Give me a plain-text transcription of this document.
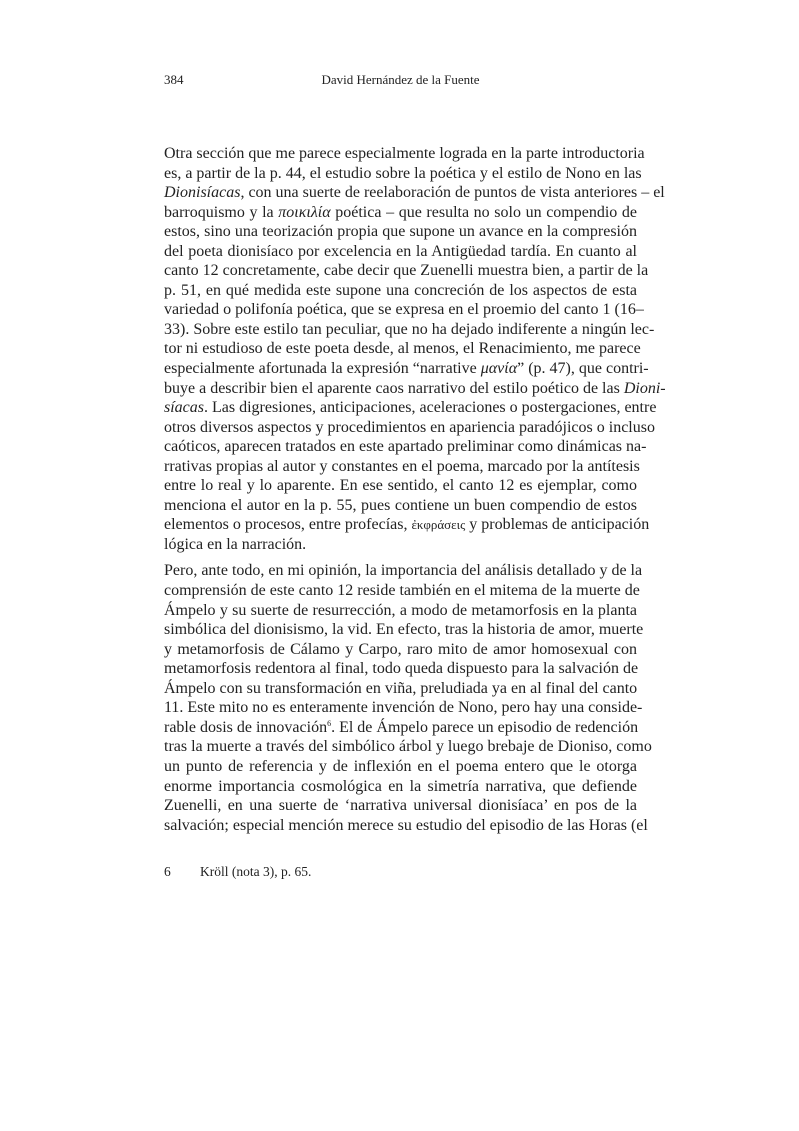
384	David Hernández de la Fuente
Otra sección que me parece especialmente lograda en la parte introductoria
es, a partir de la p. 44, el estudio sobre la poética y el estilo de Nono en las
Dionisíacas, con una suerte de reelaboración de puntos de vista anteriores – el
barroquismo y la ποικιλία poética – que resulta no solo un compendio de
estos, sino una teorización propia que supone un avance en la compresión
del poeta dionisíaco por excelencia en la Antigüedad tardía. En cuanto al
canto 12 concretamente, cabe decir que Zuenelli muestra bien, a partir de la
p. 51, en qué medida este supone una concreción de los aspectos de esta
variedad o polifonía poética, que se expresa en el proemio del canto 1 (16–
33). Sobre este estilo tan peculiar, que no ha dejado indiferente a ningún lec-
tor ni estudioso de este poeta desde, al menos, el Renacimiento, me parece
especialmente afortunada la expresión “narrative μανία” (p. 47), que contri-
buye a describir bien el aparente caos narrativo del estilo poético de las Dioni-
síacas. Las digresiones, anticipaciones, aceleraciones o postergaciones, entre
otros diversos aspectos y procedimientos en apariencia paradójicos o incluso
caóticos, aparecen tratados en este apartado preliminar como dinámicas na-
rrativas propias al autor y constantes en el poema, marcado por la antítesis
entre lo real y lo aparente. En ese sentido, el canto 12 es ejemplar, como
menciona el autor en la p. 55, pues contiene un buen compendio de estos
elementos o procesos, entre profecías, ἐκφράσεις y problemas de anticipación
lógica en la narración.
Pero, ante todo, en mi opinión, la importancia del análisis detallado y de la
comprensión de este canto 12 reside también en el mitema de la muerte de
Ámpelo y su suerte de resurrección, a modo de metamorfosis en la planta
simbólica del dionisismo, la vid. En efecto, tras la historia de amor, muerte
y metamorfosis de Cálamo y Carpo, raro mito de amor homosexual con
metamorfosis redentora al final, todo queda dispuesto para la salvación de
Ámpelo con su transformación en viña, preludiada ya en al final del canto
11. Este mito no es enteramente invención de Nono, pero hay una conside-
rable dosis de innovación$^6$. El de Ámpelo parece un episodio de redención
tras la muerte a través del simbólico árbol y luego brebaje de Dioniso, como
un punto de referencia y de inflexión en el poema entero que le otorga
enorme importancia cosmológica en la simetría narrativa, que defiende
Zuenelli, en una suerte de ‘narrativa universal dionisíaca’ en pos de la
salvación; especial mención merece su estudio del episodio de las Horas (el
6 Kröll (nota 3), p. 65.
